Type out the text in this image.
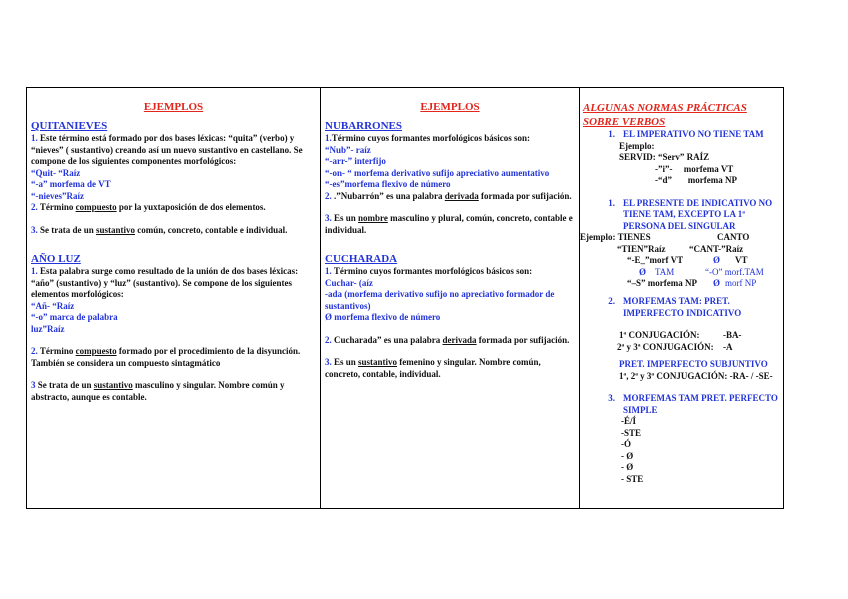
EJEMPLOS

QUITANIEVES

1. Este término está formado por dos bases léxicas: “quita” (verbo) y “nieves” ( sustantivo) creando así un nuevo sustantivo en castellano. Se compone de los siguientes componentes morfológicos:

“Quit- “Raíz

“-a” morfema de VT

“-nieves”Raíz

2. Término compuesto por la yuxtaposición de dos elementos.

3. Se trata de un sustantivo común, concreto, contable e individual.

AÑO LUZ

1. Esta palabra surge como resultado de la unión de dos bases léxicas: “año” (sustantivo) y “luz” (sustantivo). Se compone de los siguientes elementos morfológicos:

“Añ- “Raíz

“-o” marca de palabra

luz”Raíz

2. Término compuesto formado por el procedimiento de la disyunción. También se considera un compuesto sintagmático

3 Se trata de un sustantivo masculino y singular. Nombre común y abstracto, aunque es contable.

EJEMPLOS

NUBARRONES

1.Término cuyos formantes morfológicos básicos son:

“Nub”- raíz

“-arr-” interfijo

“-on- “ morfema derivativo sufijo apreciativo aumentativo

“-es”morfema flexivo de número

2. .”Nubarrón” es una palabra derivada formada por sufijación.

3. Es un nombre masculino y plural, común, concreto, contable e individual.

CUCHARADA

1. Término cuyos formantes morfológicos básicos son:

Cuchar- (aíz

-ada (morfema derivativo sufijo no apreciativo formador de sustantivos)

Ø morfema flexivo de número

2. Cucharada” es una palabra derivada formada por sufijación.

3. Es un sustantivo femenino y singular. Nombre común, concreto, contable, individual.

ALGUNAS NORMAS PRÁCTICAS

SOBRE VERBOS

1. EL IMPERATIVO NO TIENE TAM

Ejemplo:

SERVID: “Serv” RAÍZ

-”i”-     morfema VT

-“d”       morfema NP

1. EL PRESENTE DE INDICATIVO NO TIENE TAM, EXCEPTO LA 1ª PERSONA DEL SINGULAR
Ejemplo: TIENES	CANTO
“TIEN”Raíz	“CANT-”Raíz
“-E_”morf VT	Ø VT
Ø TAM	“-O” morf.TAM
“–S” morfema NP Ø morf NP
2. MORFEMAS TAM: PRET. IMPERFECTO INDICATIVO
1ª CONJUGACIÓN:	-BA-
2ª y 3ª CONJUGACIÓN: -A

PRET. IMPERFECTO SUBJUNTIVO

1ª, 2ª y 3ª CONJUGACIÓN: -RA- / -SE-

3. MORFEMAS TAM PRET. PERFECTO SIMPLE

-É/Í

-STE

-Ó

- Ø

- Ø

- STE
